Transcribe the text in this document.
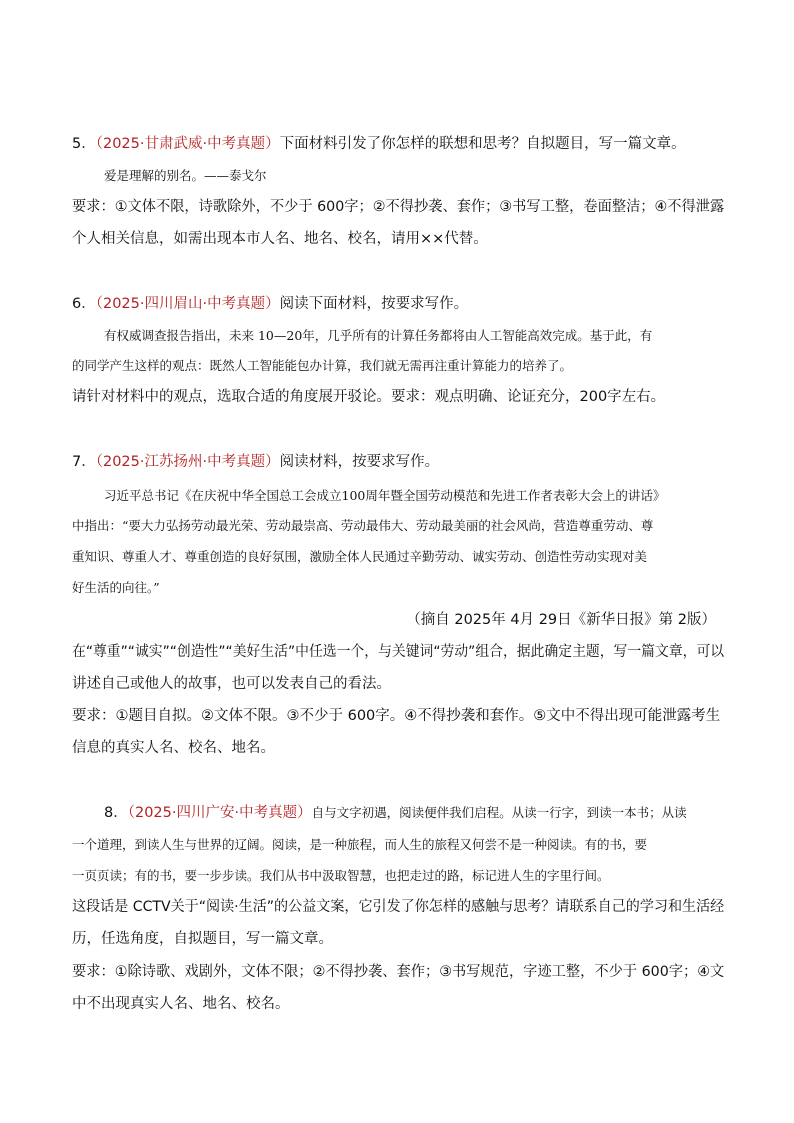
5．（2025·甘肃武威·中考真题）下面材料引发了你怎样的联想和思考？自拟题目，写一篇文章。
爱是理解的别名。——泰戈尔
要求：①文体不限，诗歌除外，不少于 600字；②不得抄袭、套作；③书写工整，卷面整洁；④不得泄露
个人相关信息，如需出现本市人名、地名、校名，请用××代替。
6．（2025·四川眉山·中考真题）阅读下面材料，按要求写作。
有权威调查报告指出，未来 10—20年，几乎所有的计算任务都将由人工智能高效完成。基于此，有
的同学产生这样的观点：既然人工智能能包办计算，我们就无需再注重计算能力的培养了。
请针对材料中的观点，选取合适的角度展开驳论。要求：观点明确、论证充分，200字左右。
7．（2025·江苏扬州·中考真题）阅读材料，按要求写作。
习近平总书记《在庆祝中华全国总工会成立100周年暨全国劳动模范和先进工作者表彰大会上的讲话》
中指出：“要大力弘扬劳动最光荣、劳动最崇高、劳动最伟大、劳动最美丽的社会风尚，营造尊重劳动、尊
重知识、尊重人才、尊重创造的良好氛围，激励全体人民通过辛勤劳动、诚实劳动、创造性劳动实现对美
好生活的向往。”
（摘自 2025年 4月 29日《新华日报》第 2版）
在“尊重”“诚实”“创造性”“美好生活”中任选一个，与关键词“劳动”组合，据此确定主题，写一篇文章，可以
讲述自己或他人的故事，也可以发表自己的看法。
要求：①题目自拟。②文体不限。③不少于 600字。④不得抄袭和套作。⑤文中不得出现可能泄露考生
信息的真实人名、校名、地名。
8．（2025·四川广安·中考真题）自与文字初遇，阅读便伴我们启程。从读一行字，到读一本书；从读
一个道理，到读人生与世界的辽阔。阅读，是一种旅程，而人生的旅程又何尝不是一种阅读。有的书，要
一页页读；有的书，要一步步读。我们从书中汲取智慧，也把走过的路，标记进人生的字里行间。
这段话是 CCTV关于“阅读·生活”的公益文案，它引发了你怎样的感触与思考？请联系自己的学习和生活经
历，任选角度，自拟题目，写一篇文章。
要求：①除诗歌、戏剧外，文体不限；②不得抄袭、套作；③书写规范，字迹工整，不少于 600字；④文
中不出现真实人名、地名、校名。
